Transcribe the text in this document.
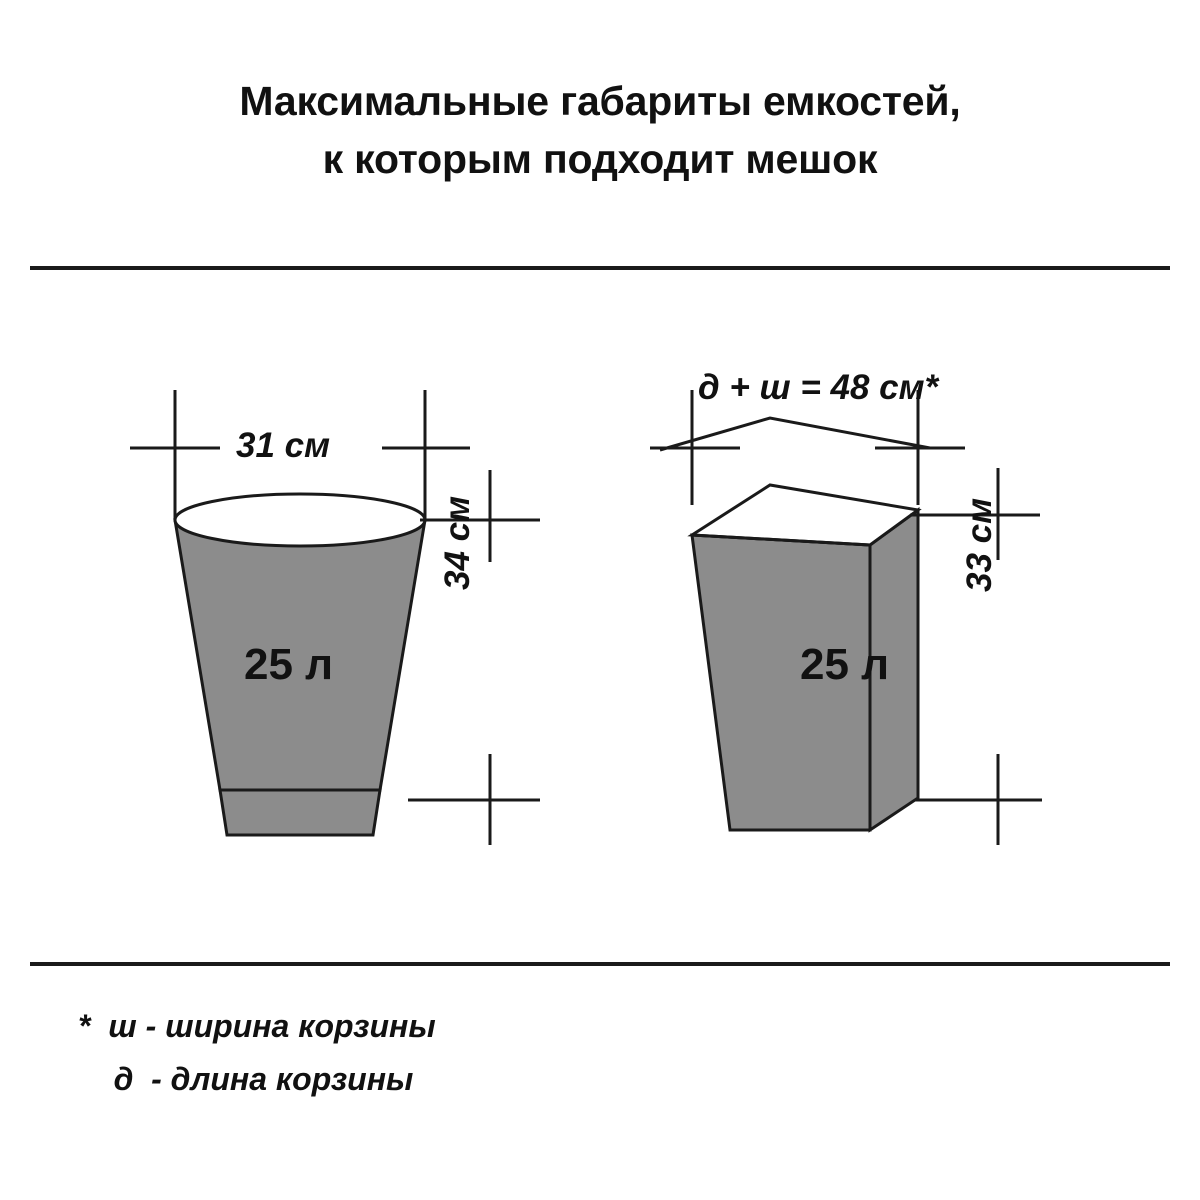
Максимальные габариты емкостей,
к которым подходит мешок
31 см
25 л
34 см
д + ш = 48 см*
25 л
33 см
*  ш - ширина корзины
д  - длина корзины
